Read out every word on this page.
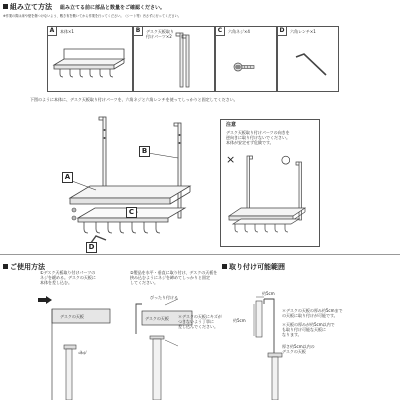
組み立て方法 組み立てる前に部品と数量をご確認ください。
※作業の際は床や壁を傷つけないよう、敷き布を敷いてから作業を行ってください。（シート等）汚さずに行ってください。
A	本体×1	B	デスク天板取り付けパーツ×2
C	六角ネジ×4	D	六角レンチ×1
下図のように本体に、デスク天板取り付けパーツを、六角ネジと六角レンチを使ってしっかりと固定してください。
A
B
C
D
注意
デスク天板取り付けパーツの向きを
逆向きに取り付けないでください。
本体が安定せず危険です。
×	○
ご使用方法
①デスク天板取り付けパーツの
ネジを緩める。デスクの天板に
本体を差し込む。
②製品を水平・垂直に取り付け、デスクの天板を
挟み込むようにネジを締めてしっかりと固定
してください。
デスクの天板
ネジ
デスクの天板
ぴったり付ける
＊デスクの天板にキズが
つきないよう丁寧に
差し込んでください。
取り付け可能範囲
約5cm
約5cm
＊デスクの天板の厚み約5cmまで
の天板に取り付けが可能です。
＊天板の厚みが約5cm以内で
も取り付け可能な天板に
なります。
厚さ約5cm以内の
デスクの天板
